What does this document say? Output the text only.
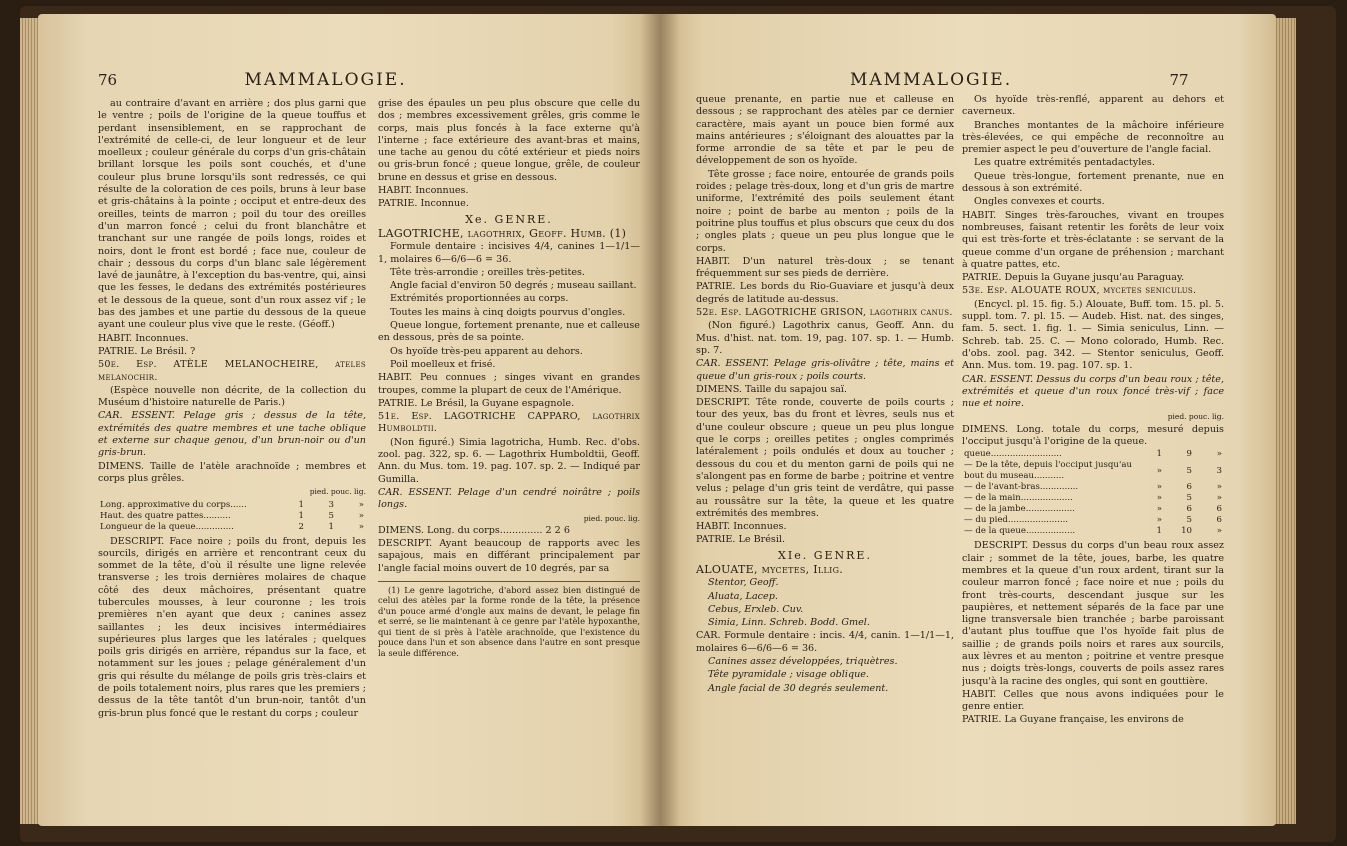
76	MAMMALOGIE.

au contraire d'avant en arrière ; dos plus garni que le ventre ; poils de l'origine de la queue touffus et perdant insensiblement, en se rapprochant de l'extrémité de celle-ci, de leur longueur et de leur moelleux ; couleur générale du corps d'un gris-châtain brillant lorsque les poils sont couchés, et d'une couleur plus brune lorsqu'ils sont redressés, ce qui résulte de la coloration de ces poils, bruns à leur base et gris-châtains à la pointe ; occiput et entre-deux des oreilles, teints de marron ; poil du tour des oreilles d'un marron foncé ; celui du front blanchâtre et tranchant sur une rangée de poils longs, roides et noirs, dont le front est bordé ; face nue, couleur de chair ; dessous du corps d'un blanc sale légèrement lavé de jaunâtre, à l'exception du bas-ventre, qui, ainsi que les fesses, le dedans des extrémités postérieures et le dessous de la queue, sont d'un roux assez vif ; le bas des jambes et une partie du dessous de la queue ayant une couleur plus vive que le reste. (Géoff.)

HABIT. Inconnues.

PATRIE. Le Brésil. ?

50e. Esp. ATÈLE MELANOCHEIRE, ateles melanochir.

(Espèce nouvelle non décrite, de la collection du Muséum d'histoire naturelle de Paris.)

CAR. ESSENT. Pelage gris ; dessus de la tête, extrémités des quatre membres et une tache oblique et externe sur chaque genou, d'un brun-noir ou d'un gris-brun.

DIMENS. Taille de l'atèle arachnoïde ; membres et corps plus grêles.

pied. pouc. lig.
Long. approximative du corps......	1	3	»
Haut. des quatre pattes..........	1	5	»
Longueur de la queue..............	2	1	»

DESCRIPT. Face noire ; poils du front, depuis les sourcils, dirigés en arrière et rencontrant ceux du sommet de la tête, d'où il résulte une ligne relevée transverse ; les trois dernières molaires de chaque côté des deux mâchoires, présentant quatre tubercules mousses, à leur couronne ; les trois premières n'en ayant que deux ; canines assez saillantes ; les deux incisives intermédiaires supérieures plus larges que les latérales ; quelques poils gris dirigés en arrière, répandus sur la face, et notamment sur les joues ; pelage généralement d'un gris qui résulte du mélange de poils gris très-clairs et de poils totalement noirs, plus rares que les premiers ; dessus de la tête tantôt d'un brun-noir, tantôt d'un gris-brun plus foncé que le restant du corps ; couleur

grise des épaules un peu plus obscure que celle du dos ; membres excessivement grêles, gris comme le corps, mais plus foncés à la face externe qu'à l'interne ; face extérieure des avant-bras et mains, une tache au genou du côté extérieur et pieds noirs ou gris-brun foncé ; queue longue, grêle, de couleur brune en dessus et grise en dessous.

HABIT. Inconnues.

PATRIE. Inconnue.

Xe. GENRE.

LAGOTRICHE, lagothrix, Geoff. Humb. (1)

Formule dentaire : incisives 4/4, canines 1—1/1—1, molaires 6—6/6—6 = 36.

Tête très-arrondie ; oreilles très-petites.

Angle facial d'environ 50 degrés ; museau saillant.

Extrémités proportionnées au corps.

Toutes les mains à cinq doigts pourvus d'ongles.

Queue longue, fortement prenante, nue et calleuse en dessous, près de sa pointe.

Os hyoïde très-peu apparent au dehors.

Poil moelleux et frisé.

HABIT. Peu connues ; singes vivant en grandes troupes, comme la plupart de ceux de l'Amérique.

PATRIE. Le Brésil, la Guyane espagnole.

51e. Esp. LAGOTRICHE CAPPARO, lagothrix Humboldtii.

(Non figuré.) Simia lagotricha, Humb. Rec. d'obs. zool. pag. 322, sp. 6. — Lagothrix Humboldtii, Geoff. Ann. du Mus. tom. 19. pag. 107. sp. 2. — Indiqué par Gumilla.

CAR. ESSENT. Pelage d'un cendré noirâtre ; poils longs.

pied. pouc. lig.

DIMENS. Long. du corps.............. 2 2 6

DESCRIPT. Ayant beaucoup de rapports avec les sapajous, mais en différant principalement par l'angle facial moins ouvert de 10 degrés, par sa

(1) Le genre lagotriche, d'abord assez bien distingué de celui des atèles par la forme ronde de la tête, la présence d'un pouce armé d'ongle aux mains de devant, le pelage fin et serré, se lie maintenant à ce genre par l'atèle hypoxanthe, qui tient de si près à l'atèle arachnoïde, que l'existence du pouce dans l'un et son absence dans l'autre en sont presque la seule différence.

MAMMALOGIE.	77

queue prenante, en partie nue et calleuse en dessous ; se rapprochant des atèles par ce dernier caractère, mais ayant un pouce bien formé aux mains antérieures ; s'éloignant des alouattes par la forme arrondie de sa tête et par le peu de développement de son os hyoïde.

Tête grosse ; face noire, entourée de grands poils roides ; pelage très-doux, long et d'un gris de martre uniforme, l'extrémité des poils seulement étant noire ; point de barbe au menton ; poils de la poitrine plus touffus et plus obscurs que ceux du dos ; ongles plats ; queue un peu plus longue que le corps.

HABIT. D'un naturel très-doux ; se tenant fréquemment sur ses pieds de derrière.

PATRIE. Les bords du Rio-Guaviare et jusqu'à deux degrés de latitude au-dessus.

52e. Esp. LAGOTRICHE GRISON, lagothrix canus.

(Non figuré.) Lagothrix canus, Geoff. Ann. du Mus. d'hist. nat. tom. 19, pag. 107. sp. 1. — Humb. sp. 7.

CAR. ESSENT. Pelage gris-olivâtre ; tête, mains et queue d'un gris-roux ; poils courts.

DIMENS. Taille du sapajou saï.

DESCRIPT. Tête ronde, couverte de poils courts ; tour des yeux, bas du front et lèvres, seuls nus et d'une couleur obscure ; queue un peu plus longue que le corps ; oreilles petites ; ongles comprimés latéralement ; poils ondulés et doux au toucher ; dessous du cou et du menton garni de poils qui ne s'alongent pas en forme de barbe ; poitrine et ventre velus ; pelage d'un gris teint de verdâtre, qui passe au roussâtre sur la tête, la queue et les quatre extrémités des membres.

HABIT. Inconnues.

PATRIE. Le Brésil.

XIe. GENRE.

ALOUATE, mycetes, Illig.

Stentor, Geoff.

Aluata, Lacep.

Cebus, Erxleb. Cuv.

Simia, Linn. Schreb. Bodd. Gmel.

CAR. Formule dentaire : incis. 4/4, canin. 1—1/1—1, molaires 6—6/6—6 = 36.

Canines assez développées, triquètres.

Tête pyramidale ; visage oblique.

Angle facial de 30 degrés seulement.

Os hyoïde très-renflé, apparent au dehors et caverneux.

Branches montantes de la mâchoire inférieure très-élevées, ce qui empêche de reconnoître au premier aspect le peu d'ouverture de l'angle facial.

Les quatre extrémités pentadactyles.

Queue très-longue, fortement prenante, nue en dessous à son extrémité.

Ongles convexes et courts.

HABIT. Singes très-farouches, vivant en troupes nombreuses, faisant retentir les forêts de leur voix qui est très-forte et très-éclatante : se servant de la queue comme d'un organe de préhension ; marchant à quatre pattes, etc.

PATRIE. Depuis la Guyane jusqu'au Paraguay.

53e. Esp. ALOUATE ROUX, mycetes seniculus.

(Encycl. pl. 15. fig. 5.) Alouate, Buff. tom. 15. pl. 5. suppl. tom. 7. pl. 15. — Audeb. Hist. nat. des singes, fam. 5. sect. 1. fig. 1. — Simia seniculus, Linn. — Schreb. tab. 25. C. — Mono colorado, Humb. Rec. d'obs. zool. pag. 342. — Stentor seniculus, Geoff. Ann. Mus. tom. 19. pag. 107. sp. 1.

CAR. ESSENT. Dessus du corps d'un beau roux ; tête, extrémités et queue d'un roux foncé très-vif ; face nue et noire.

pied. pouc. lig.

DIMENS. Long. totale du corps, mesuré depuis l'occiput jusqu'à l'origine de la queue.

queue..........................	1	9	»
— De la tête, depuis l'occiput jusqu'au bout du museau...........	»	5	3
— de l'avant-bras..............	»	6	»
— de la main...................	»	5	»
— de la jambe..................	»	6	6
— du pied......................	»	5	6
— de la queue..................	1	10	»

DESCRIPT. Dessus du corps d'un beau roux assez clair ; sommet de la tête, joues, barbe, les quatre membres et la queue d'un roux ardent, tirant sur la couleur marron foncé ; face noire et nue ; poils du front très-courts, descendant jusque sur les paupières, et nettement séparés de la face par une ligne transversale bien tranchée ; barbe paroissant d'autant plus touffue que l'os hyoïde fait plus de saillie ; de grands poils noirs et rares aux sourcils, aux lèvres et au menton ; poitrine et ventre presque nus ; doigts très-longs, couverts de poils assez rares jusqu'à la racine des ongles, qui sont en gouttière.

HABIT. Celles que nous avons indiquées pour le genre entier.

PATRIE. La Guyane française, les environs de
